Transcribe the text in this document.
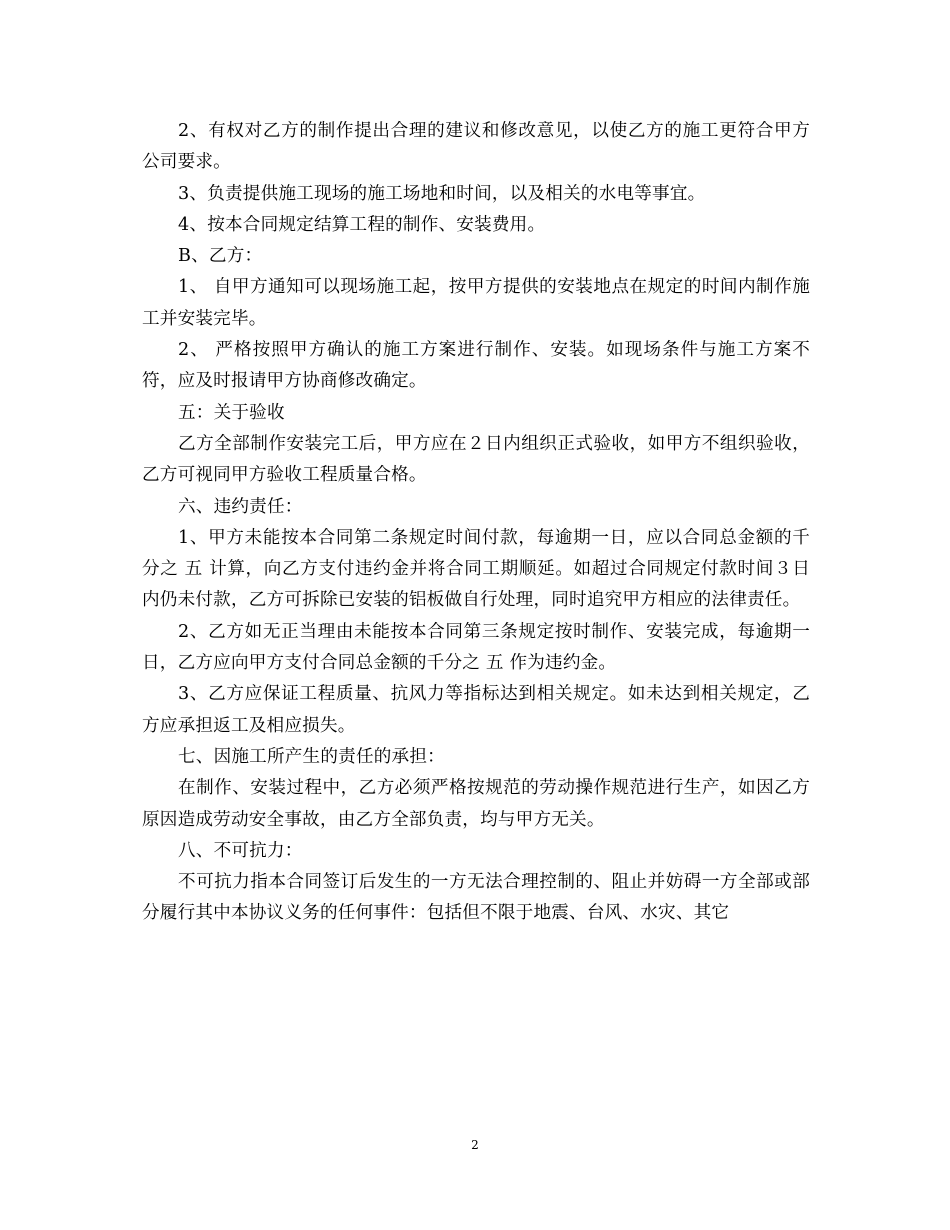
2、有权对乙方的制作提出合理的建议和修改意见，以使乙方的施工更符合甲方公司要求。

3、负责提供施工现场的施工场地和时间，以及相关的水电等事宜。

4、按本合同规定结算工程的制作、安装费用。

B、乙方：

1、 自甲方通知可以现场施工起，按甲方提供的安装地点在规定的时间内制作施工并安装完毕。

2、 严格按照甲方确认的施工方案进行制作、安装。如现场条件与施工方案不符，应及时报请甲方协商修改确定。

五：关于验收

乙方全部制作安装完工后，甲方应在２日内组织正式验收，如甲方不组织验收，乙方可视同甲方验收工程质量合格。

六、违约责任：

1、甲方未能按本合同第二条规定时间付款，每逾期一日，应以合同总金额的千分之 五 计算，向乙方支付违约金并将合同工期顺延。如超过合同规定付款时间３日内仍未付款，乙方可拆除已安装的铝板做自行处理，同时追究甲方相应的法律责任。

2、乙方如无正当理由未能按本合同第三条规定按时制作、安装完成，每逾期一日，乙方应向甲方支付合同总金额的千分之 五 作为违约金。

3、乙方应保证工程质量、抗风力等指标达到相关规定。如未达到相关规定，乙方应承担返工及相应损失。

七、因施工所产生的责任的承担：

在制作、安装过程中，乙方必须严格按规范的劳动操作规范进行生产，如因乙方原因造成劳动安全事故，由乙方全部负责，均与甲方无关。

八、不可抗力：

不可抗力指本合同签订后发生的一方无法合理控制的、阻止并妨碍一方全部或部分履行其中本协议义务的任何事件：包括但不限于地震、台风、水灾、其它

2
